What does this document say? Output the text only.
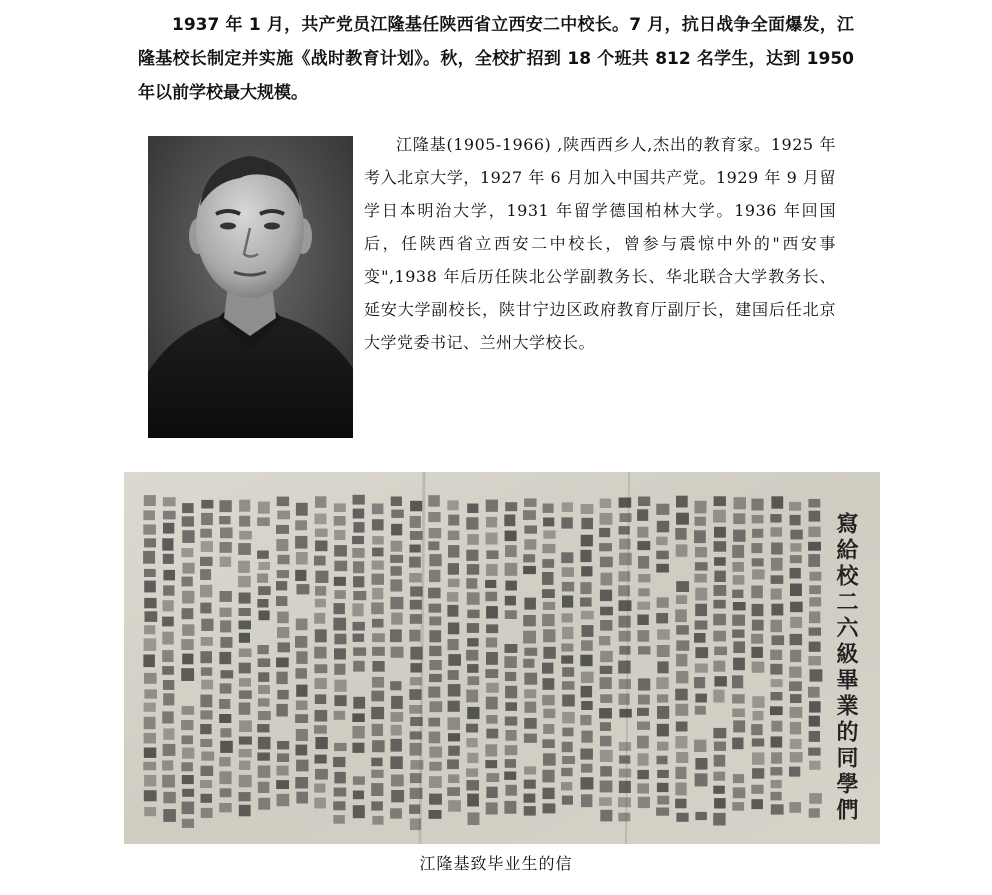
1937 年 1 月，共产党员江隆基任陕西省立西安二中校长。7 月，抗日战争全面爆发，江隆基校长制定并实施《战时教育计划》。秋，全校扩招到 18 个班共 812 名学生，达到 1950 年以前学校最大规模。

江隆基(1905-1966) ,陕西西乡人,杰出的教育家。1925 年考入北京大学，1927 年 6 月加入中国共产党。1929 年 9 月留学日本明治大学，1931 年留学德国柏林大学。1936 年回国后，任陕西省立西安二中校长，曾参与震惊中外的"西安事变",1938 年后历任陕北公学副教务长、华北联合大学教务长、延安大学副校长，陕甘宁边区政府教育厅副厅长，建国后任北京大学党委书记、兰州大学校长。

寫給校二六級畢業的同學們
江隆基致毕业生的信
